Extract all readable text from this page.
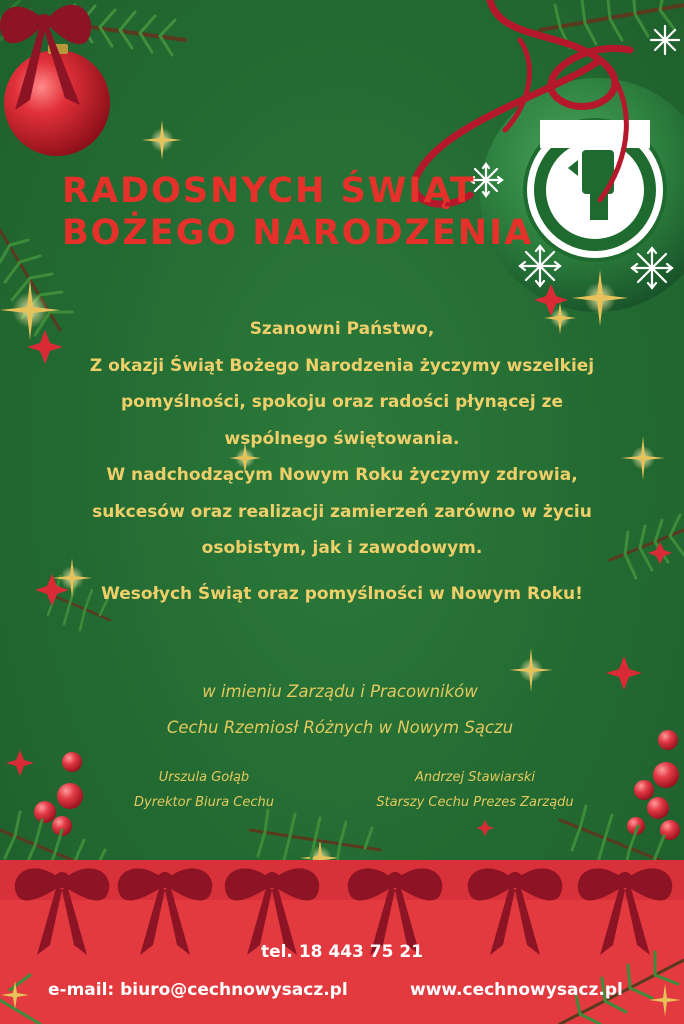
RADOSNYCH ŚWIĄT
BOŻEGO NARODZENIA

Szanowni Państwo,
Z okazji Świąt Bożego Narodzenia życzymy wszelkiej
pomyślności, spokoju oraz radości płynącej ze
wspólnego świętowania.
W nadchodzącym Nowym Roku życzymy zdrowia,
sukcesów oraz realizacji zamierzeń zarówno w życiu
osobistym, jak i zawodowym.

Wesołych Świąt oraz pomyślności w Nowym Roku!

w imieniu Zarządu i Pracowników
Cechu Rzemiosł Różnych w Nowym Sączu

Urszula Gołąb
Dyrektor Biura Cechu
Andrzej Stawiarski
Starszy Cechu Prezes Zarządu

tel. 18 443 75 21

e-mail: biuro@cechnowysacz.pl	www.cechnowysacz.pl
